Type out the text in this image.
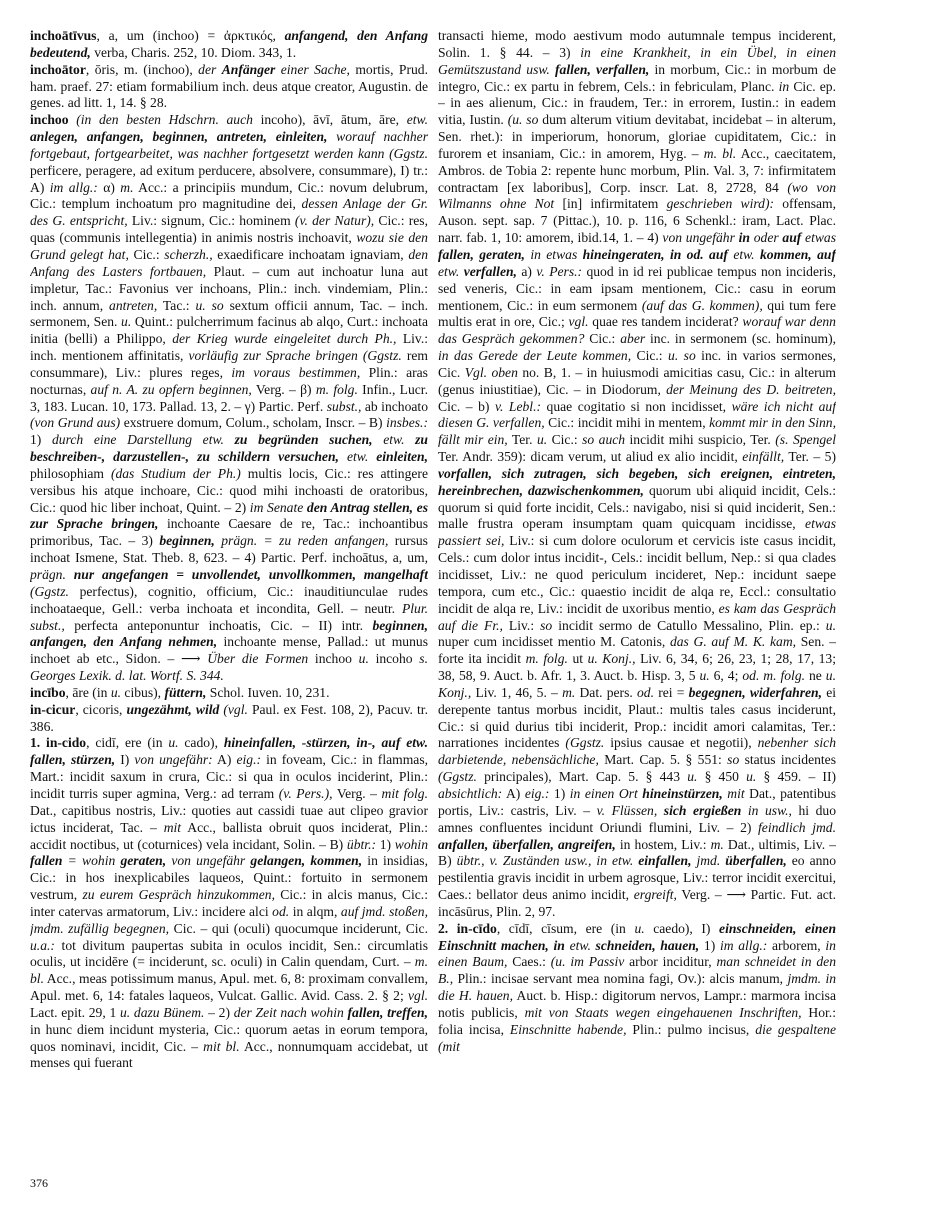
inchoātīvus, a, um (inchoo) = ἀρκτικός, anfangend, den Anfang bedeutend, verba, Charis. 252, 10. Diom. 343, 1.

inchoātor, ōris, m. (inchoo), der Anfänger einer Sache, mortis, Prud. ham. praef. 27: etiam formabilium inch. deus atque creator, Augustin. de genes. ad litt. 1, 14. § 28.

inchoo (in den besten Hdschrn. auch incoho), āvī, ātum, āre, etw. anlegen, anfangen, beginnen, antreten, einleiten, worauf nachher fortgebaut, fortgearbeitet, was nachher fortgesetzt werden kann (Ggstz. perficere, peragere, ad exitum perducere, absolvere, consummare), I) tr.: A) im allg.: α) m. Acc.: a principiis mundum, Cic.: novum delubrum, Cic.: templum inchoatum pro magnitudine dei, dessen Anlage der Gr. des G. entspricht, Liv.: signum, Cic.: hominem (v. der Natur), Cic.: res, quas (communis intellegentia) in animis nostris inchoavit, wozu sie den Grund gelegt hat, Cic.: scherzh., exaedificare inchoatam ignaviam, den Anfang des Lasters fortbauen, Plaut. – cum aut inchoatur luna aut impletur, Tac.: Favonius ver inchoans, Plin.: inch. vindemiam, Plin.: inch. annum, antreten, Tac.: u. so sextum officii annum, Tac. – inch. sermonem, Sen. u. Quint.: pulcherrimum facinus ab alqo, Curt.: inchoata initia (belli) a Philippo, der Krieg wurde eingeleitet durch Ph., Liv.: inch. mentionem affinitatis, vorläufig zur Sprache bringen (Ggstz. rem consummare), Liv.: plures reges, im voraus bestimmen, Plin.: aras nocturnas, auf n. A. zu opfern beginnen, Verg. – β) m. folg. Infin., Lucr. 3, 183. Lucan. 10, 173. Pallad. 13, 2. – γ) Partic. Perf. subst., ab inchoato (von Grund aus) exstruere domum, Colum., scholam, Inscr. – B) insbes.: 1) durch eine Darstellung etw. zu begründen suchen, etw. zu beschreiben-, darzustellen-, zu schildern versuchen, etw. einleiten, philosophiam (das Studium der Ph.) multis locis, Cic.: res attingere versibus his atque inchoare, Cic.: quod mihi inchoasti de oratoribus, Cic.: quod hic liber inchoat, Quint. – 2) im Senate den Antrag stellen, es zur Sprache bringen, inchoante Caesare de re, Tac.: inchoantibus primoribus, Tac. – 3) beginnen, prägn. = zu reden anfangen, rursus inchoat Ismene, Stat. Theb. 8, 623. – 4) Partic. Perf. inchoātus, a, um, prägn. nur angefangen = unvollendet, unvollkommen, mangelhaft (Ggstz. perfectus), cognitio, officium, Cic.: inauditiunculae rudes inchoataeque, Gell.: verba inchoata et incondita, Gell. – neutr. Plur. subst., perfecta anteponuntur inchoatis, Cic. – II) intr. beginnen, anfangen, den Anfang nehmen, inchoante mense, Pallad.: ut munus inchoet ab etc., Sidon. – ⟶ Über die Formen inchoo u. incoho s. Georges Lexik. d. lat. Wortf. S. 344.

incībo, āre (in u. cibus), füttern, Schol. Iuven. 10, 231.

in-cicur, cicoris, ungezähmt, wild (vgl. Paul. ex Fest. 108, 2), Pacuv. tr. 386.

1. in-cido, cidī, ere (in u. cado), hineinfallen, -stürzen, in-, auf etw. fallen, stürzen, I) von ungefähr: A) eig.: in foveam, Cic.: in flammas, Mart.: incidit saxum in crura, Cic.: si qua in oculos inciderint, Plin.: incidit turris super agmina, Verg.: ad terram (v. Pers.), Verg. – mit folg. Dat., capitibus nostris, Liv.: quoties aut cassidi tuae aut clipeo gravior ictus inciderat, Tac. – mit Acc., ballista obruit quos inciderat, Plin.: accidit noctibus, ut (coturnices) vela incidant, Solin. – B) übtr.: 1) wohin fallen = wohin geraten, von ungefähr gelangen, kommen, in insidias, Cic.: in hos inexplicabiles laqueos, Quint.: fortuito in sermonem vestrum, zu eurem Gespräch hinzukommen, Cic.: in alcis manus, Cic.: inter catervas armatorum, Liv.: incidere alci od. in alqm, auf jmd. stoßen, jmdm. zufällig begegnen, Cic. – qui (oculi) quocumque inciderunt, Cic. u.a.: tot divitum paupertas subita in oculos incidit, Sen.: circumlatis oculis, ut incidēre (= inciderunt, sc. oculi) in Calin quendam, Curt. – m. bl. Acc., meas potissimum manus, Apul. met. 6, 8: proximam convallem, Apul. met. 6, 14: fatales laqueos, Vulcat. Gallic. Avid. Cass. 2. § 2; vgl. Lact. epit. 29, 1 u. dazu Bünem. – 2) der Zeit nach wohin fallen, treffen, in hunc diem incidunt mysteria, Cic.: quorum aetas in eorum tempora, quos nominavi, incidit, Cic. – mit bl. Acc., nonnumquam accidebat, ut menses qui fuerant

transacti hieme, modo aestivum modo autumnale tempus inciderent, Solin. 1. § 44. – 3) in eine Krankheit, in ein Übel, in einen Gemütszustand usw. fallen, verfallen, in morbum, Cic.: in morbum de integro, Cic.: ex partu in febrem, Cels.: in febriculam, Planc. in Cic. ep. – in aes alienum, Cic.: in fraudem, Ter.: in errorem, Iustin.: in eadem vitia, Iustin. (u. so dum alterum vitium devitabat, incidebat – in alterum, Sen. rhet.): in imperiorum, honorum, gloriae cupiditatem, Cic.: in furorem et insaniam, Cic.: in amorem, Hyg. – m. bl. Acc., caecitatem, Ambros. de Tobia 2: repente hunc morbum, Plin. Val. 3, 7: infirmitatem contractam [ex laboribus], Corp. inscr. Lat. 8, 2728, 84 (wo von Wilmanns ohne Not [in] infirmitatem geschrieben wird): offensam, Auson. sept. sap. 7 (Pittac.), 10. p. 116, 6 Schenkl.: iram, Lact. Plac. narr. fab. 1, 10: amorem, ibid.14, 1. – 4) von ungefähr in oder auf etwas fallen, geraten, in etwas hineingeraten, in od. auf etw. kommen, auf etw. verfallen, a) v. Pers.: quod in id rei publicae tempus non incideris, sed veneris, Cic.: in eam ipsam mentionem, Cic.: casu in eorum mentionem, Cic.: in eum sermonem (auf das G. kommen), qui tum fere multis erat in ore, Cic.; vgl. quae res tandem inciderat? worauf war denn das Gespräch gekommen? Cic.: aber inc. in sermonem (sc. hominum), in das Gerede der Leute kommen, Cic.: u. so inc. in varios sermones, Cic. Vgl. oben no. B, 1. – in huiusmodi amicitias casu, Cic.: in alterum (genus iniustitiae), Cic. – in Diodorum, der Meinung des D. beitreten, Cic. – b) v. Lebl.: quae cogitatio si non incidisset, wäre ich nicht auf diesen G. verfallen, Cic.: incidit mihi in mentem, kommt mir in den Sinn, fällt mir ein, Ter. u. Cic.: so auch incidit mihi suspicio, Ter. (s. Spengel Ter. Andr. 359): dicam verum, ut aliud ex alio incidit, einfällt, Ter. – 5) vorfallen, sich zutragen, sich begeben, sich ereignen, eintreten, hereinbrechen, dazwischenkommen, quorum ubi aliquid incidit, Cels.: quorum si quid forte incidit, Cels.: navigabo, nisi si quid inciderit, Sen.: malle frustra operam insumptam quam quicquam incidisse, etwas passiert sei, Liv.: si cum dolore oculorum et cervicis iste casus incidit, Cels.: cum dolor intus incidit-, Cels.: incidit bellum, Nep.: si qua clades incidisset, Liv.: ne quod periculum incideret, Nep.: incidunt saepe tempora, cum etc., Cic.: quaestio incidit de alqa re, Eccl.: consultatio incidit de alqa re, Liv.: incidit de uxoribus mentio, es kam das Gespräch auf die Fr., Liv.: so incidit sermo de Catullo Messalino, Plin. ep.: u. nuper cum incidisset mentio M. Catonis, das G. auf M. K. kam, Sen. – forte ita incidit m. folg. ut u. Konj., Liv. 6, 34, 6; 26, 23, 1; 28, 17, 13; 38, 58, 9. Auct. b. Afr. 1, 3. Auct. b. Hisp. 3, 5 u. 6, 4; od. m. folg. ne u. Konj., Liv. 1, 46, 5. – m. Dat. pers. od. rei = begegnen, widerfahren, ei derepente tantus morbus incidit, Plaut.: multis tales casus inciderunt, Cic.: si quid durius tibi inciderit, Prop.: incidit amori calamitas, Ter.: narrationes incidentes (Ggstz. ipsius causae et negotii), nebenher sich darbietende, nebensächliche, Mart. Cap. 5. § 551: so status incidentes (Ggstz. principales), Mart. Cap. 5. § 443 u. § 450 u. § 459. – II) absichtlich: A) eig.: 1) in einen Ort hineinstürzen, mit Dat., patentibus portis, Liv.: castris, Liv. – v. Flüssen, sich ergießen in usw., hi duo amnes confluentes incidunt Oriundi flumini, Liv. – 2) feindlich jmd. anfallen, überfallen, angreifen, in hostem, Liv.: m. Dat., ultimis, Liv. – B) übtr., v. Zuständen usw., in etw. einfallen, jmd. überfallen, eo anno pestilentia gravis incidit in urbem agrosque, Liv.: terror incidit exercitui, Caes.: bellator deus animo incidit, ergreift, Verg. – ⟶ Partic. Fut. act. incāsūrus, Plin. 2, 97.

2. in-cīdo, cīdī, cīsum, ere (in u. caedo), I) einschneiden, einen Einschnitt machen, in etw. schneiden, hauen, 1) im allg.: arborem, in einen Baum, Caes.: (u. im Passiv arbor inciditur, man schneidet in den B., Plin.: incisae servant mea nomina fagi, Ov.): alcis manum, jmdm. in die H. hauen, Auct. b. Hisp.: digitorum nervos, Lampr.: marmora incisa notis publicis, mit von Staats wegen eingehauenen Inschriften, Hor.: folia incisa, Einschnitte habende, Plin.: pulmo incisus, die gespaltene (mit

376
